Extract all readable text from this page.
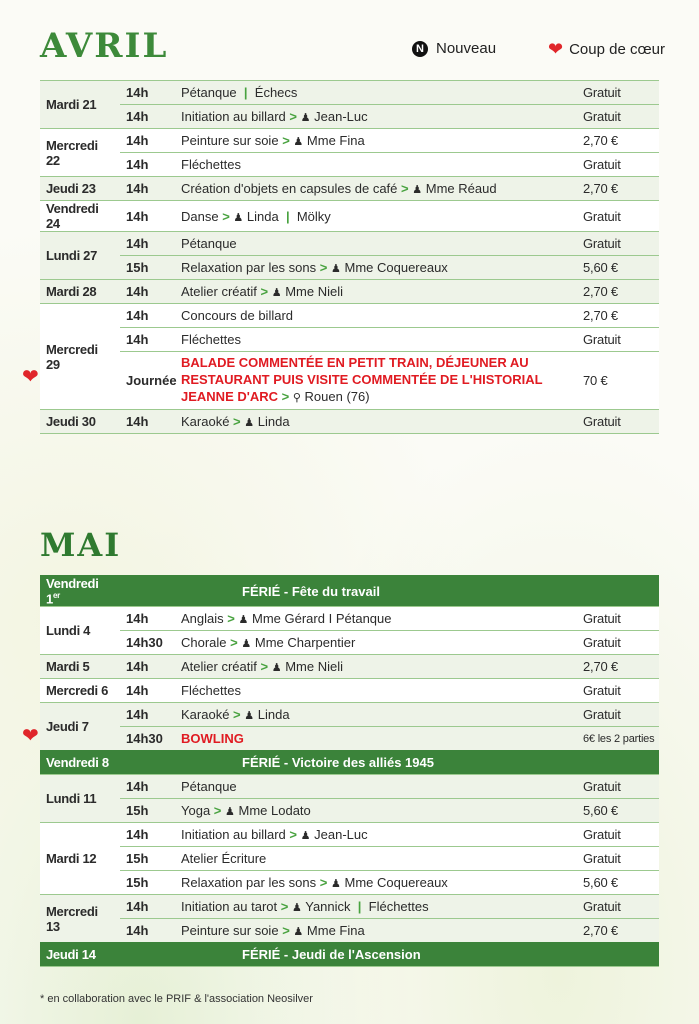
AVRIL	N Nouveau	❤ Coup de cœur
Mardi 21	14h	Pétanque | Échecs	Gratuit
	14h	Initiation au billard > ♟ Jean-Luc	Gratuit
Mercredi 22	14h	Peinture sur soie > ♟ Mme Fina	2,70 €
	14h	Fléchettes	Gratuit
Jeudi 23	14h	Création d'objets en capsules de café > ♟ Mme Réaud	2,70 €
Vendredi 24	14h	Danse > ♟ Linda | Mölky	Gratuit
Lundi 27	14h	Pétanque	Gratuit
	15h	Relaxation par les sons > ♟ Mme Coquereaux	5,60 €
Mardi 28	14h	Atelier créatif > ♟ Mme Nieli	2,70 €
Mercredi 29	14h	Concours de billard	2,70 €
	14h	Fléchettes	Gratuit
	Journée	BALADE COMMENTÉE EN PETIT TRAIN, DÉJEUNER AU RESTAURANT PUIS VISITE COMMENTÉE DE L'HISTORIAL JEANNE D'ARC > ⚲ Rouen (76)	70 €
Jeudi 30	14h	Karaoké > ♟ Linda	Gratuit
❤
MAI
Vendredi 1er	FÉRIÉ - Fête du travail		
Lundi 4	14h	Anglais > ♟ Mme Gérard I Pétanque	Gratuit
	14h30	Chorale > ♟ Mme Charpentier	Gratuit
Mardi 5	14h	Atelier créatif > ♟ Mme Nieli	2,70 €
Mercredi 6	14h	Fléchettes	Gratuit
Jeudi 7	14h	Karaoké > ♟ Linda	Gratuit
	14h30	BOWLING	6€ les 2 parties
Vendredi 8	FÉRIÉ - Victoire des alliés 1945		
Lundi 11	14h	Pétanque	Gratuit
	15h	Yoga > ♟ Mme Lodato	5,60 €
Mardi 12	14h	Initiation au billard > ♟ Jean-Luc	Gratuit
	15h	Atelier Écriture	Gratuit
	15h	Relaxation par les sons > ♟ Mme Coquereaux	5,60 €
Mercredi 13	14h	Initiation au tarot > ♟ Yannick | Fléchettes	Gratuit
	14h	Peinture sur soie > ♟ Mme Fina	2,70 €
Jeudi 14	FÉRIÉ - Jeudi de l'Ascension		
❤
* en collaboration avec le PRIF & l'association Neosilver
